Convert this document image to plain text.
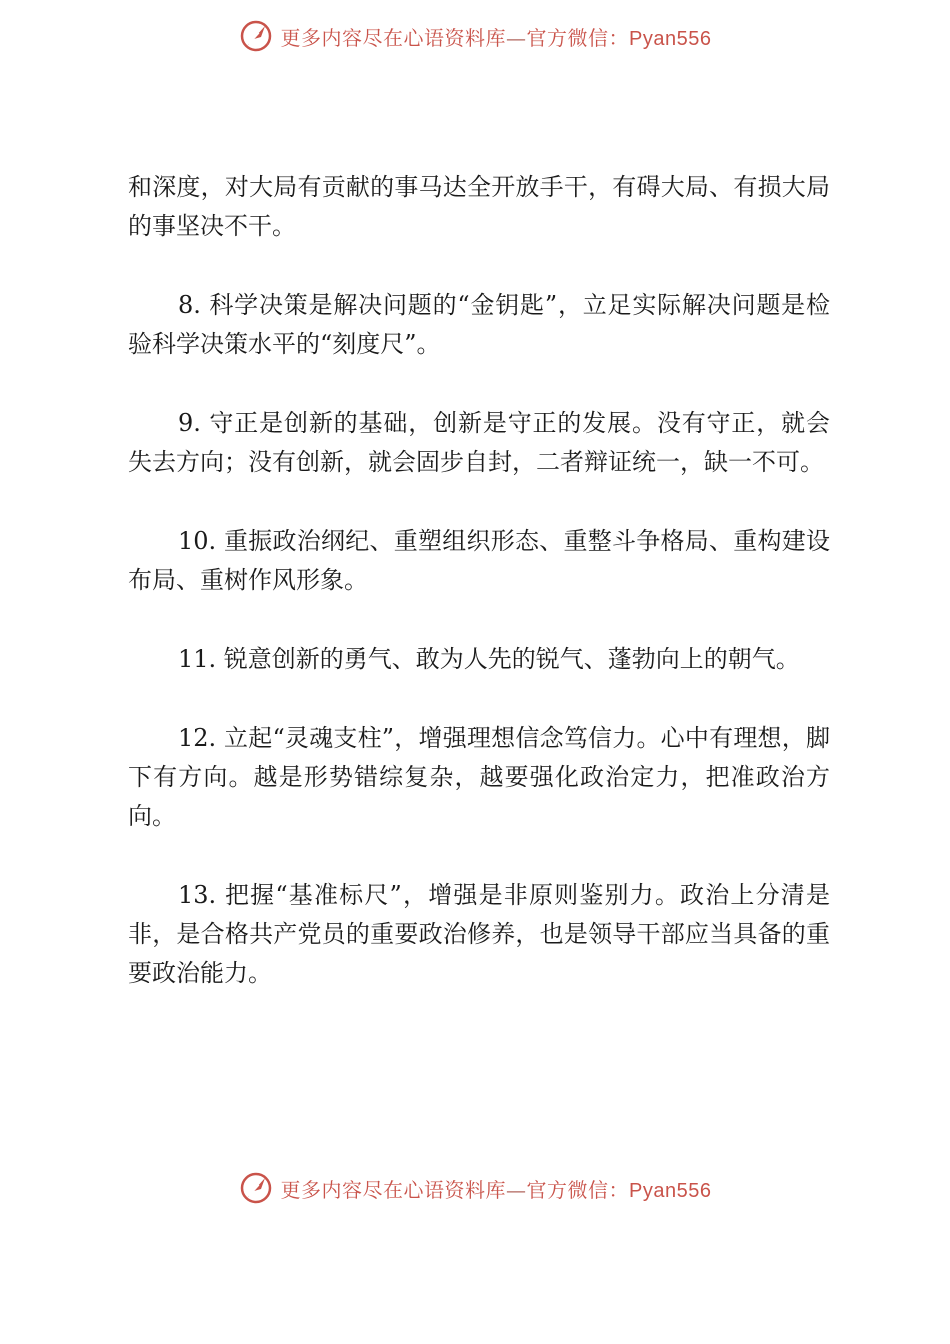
更多内容尽在心语资料库—官方微信：Pyan556

和深度，对大局有贡献的事马达全开放手干，有碍大局、有损大局的事坚决不干。

8. 科学决策是解决问题的“金钥匙”，立足实际解决问题是检验科学决策水平的“刻度尺”。

9. 守正是创新的基础，创新是守正的发展。没有守正，就会失去方向；没有创新，就会固步自封，二者辩证统一，缺一不可。

10. 重振政治纲纪、重塑组织形态、重整斗争格局、重构建设布局、重树作风形象。

11. 锐意创新的勇气、敢为人先的锐气、蓬勃向上的朝气。

12. 立起“灵魂支柱”，增强理想信念笃信力。心中有理想，脚下有方向。越是形势错综复杂，越要强化政治定力，把准政治方向。

13. 把握“基准标尺”，增强是非原则鉴别力。政治上分清是非，是合格共产党员的重要政治修养，也是领导干部应当具备的重要政治能力。

更多内容尽在心语资料库—官方微信：Pyan556
